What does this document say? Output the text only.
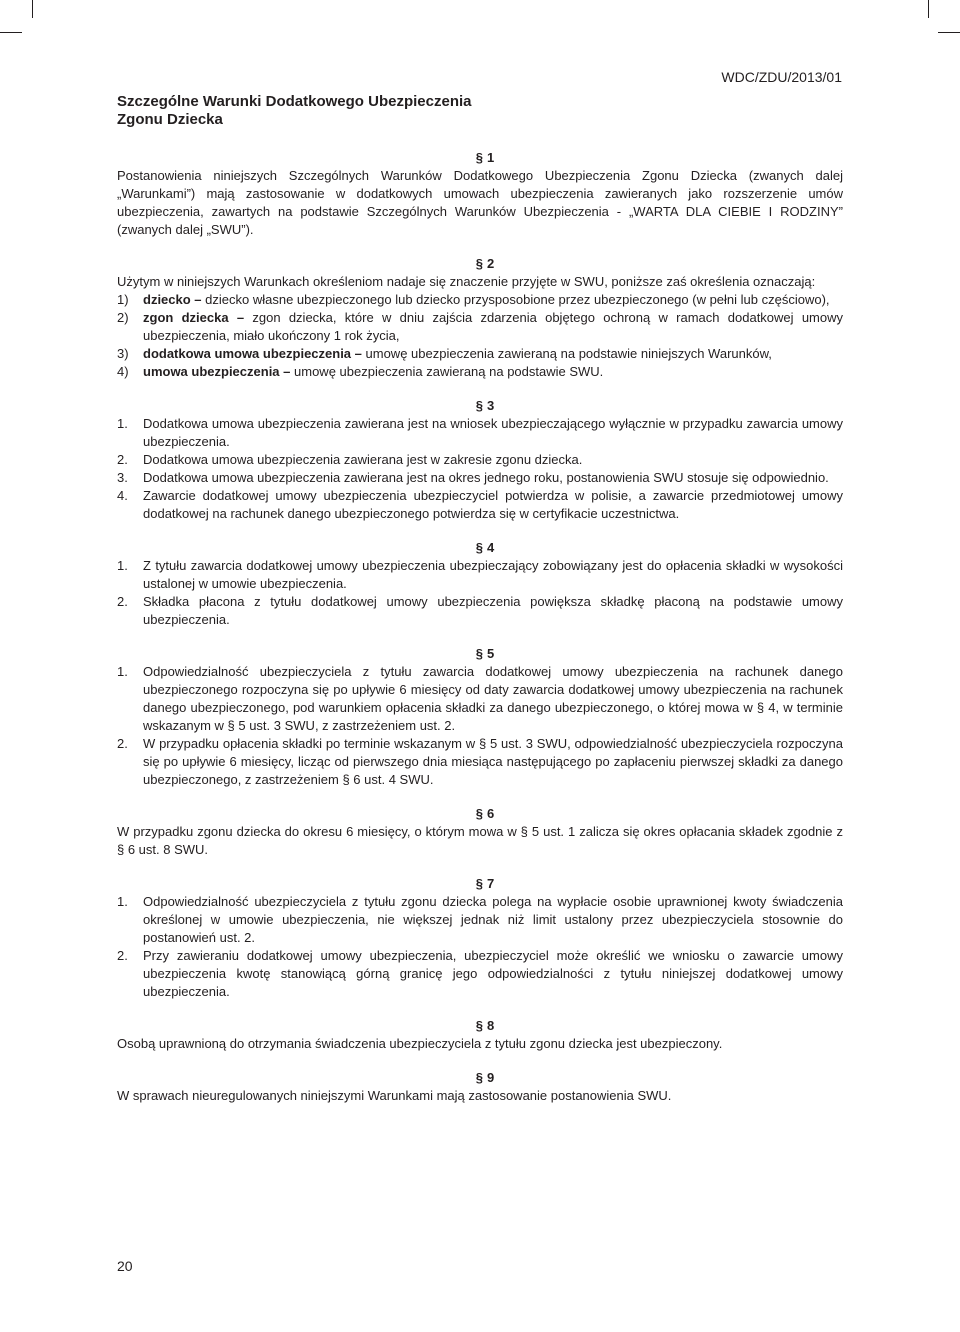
WDC/ZDU/2013/01
Szczególne Warunki Dodatkowego Ubezpieczenia
Zgonu Dziecka
§ 1

Postanowienia niniejszych Szczególnych Warunków Dodatkowego Ubezpieczenia Zgonu Dziecka (zwanych dalej „Warunkami”) mają zastosowanie w dodatkowych umowach ubezpieczenia zawieranych jako rozszerzenie umów ubezpieczenia, zawartych na podstawie Szczególnych Warunków Ubezpieczenia - „WARTA DLA CIEBIE I RODZINY” (zwanych dalej „SWU”).

§ 2

Użytym w niniejszych Warunkach określeniom nadaje się znaczenie przyjęte w SWU, poniższe zaś określenia oznaczają:

1)	dziecko – dziecko własne ubezpieczonego lub dziecko przysposobione przez ubezpieczonego (w pełni lub częściowo),
2)	zgon dziecka – zgon dziecka, które w dniu zajścia zdarzenia objętego ochroną w ramach dodatkowej umowy ubezpieczenia, miało ukończony 1 rok życia,
3)	dodatkowa umowa ubezpieczenia – umowę ubezpieczenia zawieraną na podstawie niniejszych Warunków,
4)	umowa ubezpieczenia – umowę ubezpieczenia zawieraną na podstawie SWU.
§ 3
1.	Dodatkowa umowa ubezpieczenia zawierana jest na wniosek ubezpieczającego wyłącznie w przypadku zawarcia umowy ubezpieczenia.
2.	Dodatkowa umowa ubezpieczenia zawierana jest w zakresie zgonu dziecka.
3.	Dodatkowa umowa ubezpieczenia zawierana jest na okres jednego roku, postanowienia SWU stosuje się odpowiednio.
4.	Zawarcie dodatkowej umowy ubezpieczenia ubezpieczyciel potwierdza w polisie, a zawarcie przedmiotowej umowy dodatkowej na rachunek danego ubezpieczonego potwierdza się w certyfikacie uczestnictwa.
§ 4
1.	Z tytułu zawarcia dodatkowej umowy ubezpieczenia ubezpieczający zobowiązany jest do opłacenia składki w wysokości ustalonej w umowie ubezpieczenia.
2.	Składka płacona z tytułu dodatkowej umowy ubezpieczenia powiększa składkę płaconą na podstawie umowy ubezpieczenia.
§ 5
1.	Odpowiedzialność ubezpieczyciela z tytułu zawarcia dodatkowej umowy ubezpieczenia na rachunek danego ubezpieczonego rozpoczyna się po upływie 6 miesięcy od daty zawarcia dodatkowej umowy ubezpieczenia na rachunek danego ubezpieczonego, pod warunkiem opłacenia składki za danego ubezpieczonego, o której mowa w § 4, w terminie wskazanym w § 5 ust. 3 SWU, z zastrzeżeniem ust. 2.
2.	W przypadku opłacenia składki po terminie wskazanym w § 5 ust. 3 SWU, odpowiedzialność ubezpieczyciela rozpoczyna się po upływie 6 miesięcy, licząc od pierwszego dnia miesiąca następującego po zapłaceniu pierwszej składki za danego ubezpieczonego, z zastrzeżeniem § 6 ust. 4 SWU.
§ 6

W przypadku zgonu dziecka do okresu 6 miesięcy, o którym mowa w § 5 ust. 1 zalicza się okres opłacania składek zgodnie z § 6 ust. 8 SWU.

§ 7
1.	Odpowiedzialność ubezpieczyciela z tytułu zgonu dziecka polega na wypłacie osobie uprawnionej kwoty świadczenia określonej w umowie ubezpieczenia, nie większej jednak niż limit ustalony przez ubezpieczyciela stosownie do postanowień ust. 2.
2.	Przy zawieraniu dodatkowej umowy ubezpieczenia, ubezpieczyciel może określić we wniosku o zawarcie umowy ubezpieczenia kwotę stanowiącą górną granicę jego odpowiedzialności z tytułu niniejszej dodatkowej umowy ubezpieczenia.
§ 8

Osobą uprawnioną do otrzymania świadczenia ubezpieczyciela z tytułu zgonu dziecka jest ubezpieczony.

§ 9

W sprawach nieuregulowanych niniejszymi Warunkami mają zastosowanie postanowienia SWU.

20
